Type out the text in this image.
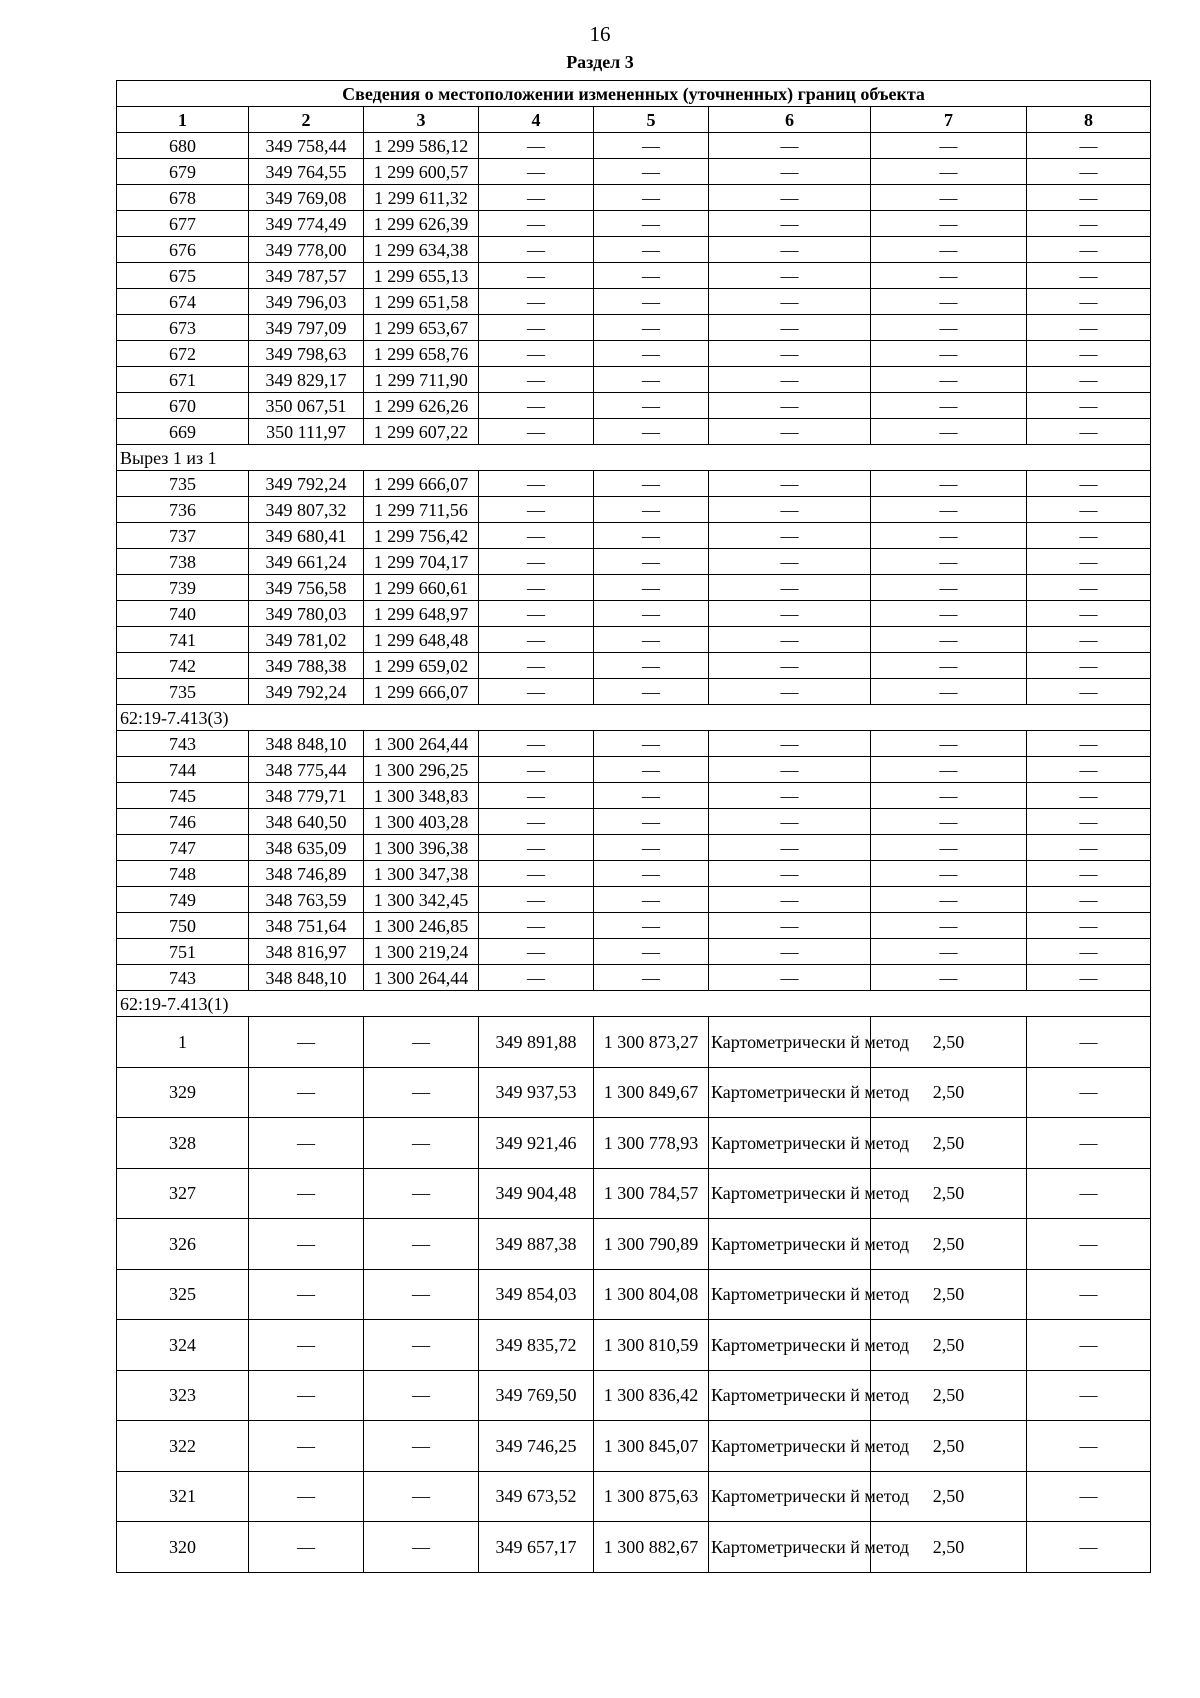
16
Раздел 3
Сведения о местоположении измененных (уточненных) границ объекта							
1	2	3	4	5	6	7	8
680	349 758,44	1 299 586,12	—	—	—	—	—
679	349 764,55	1 299 600,57	—	—	—	—	—
678	349 769,08	1 299 611,32	—	—	—	—	—
677	349 774,49	1 299 626,39	—	—	—	—	—
676	349 778,00	1 299 634,38	—	—	—	—	—
675	349 787,57	1 299 655,13	—	—	—	—	—
674	349 796,03	1 299 651,58	—	—	—	—	—
673	349 797,09	1 299 653,67	—	—	—	—	—
672	349 798,63	1 299 658,76	—	—	—	—	—
671	349 829,17	1 299 711,90	—	—	—	—	—
670	350 067,51	1 299 626,26	—	—	—	—	—
669	350 111,97	1 299 607,22	—	—	—	—	—
Вырез 1 из 1							
735	349 792,24	1 299 666,07	—	—	—	—	—
736	349 807,32	1 299 711,56	—	—	—	—	—
737	349 680,41	1 299 756,42	—	—	—	—	—
738	349 661,24	1 299 704,17	—	—	—	—	—
739	349 756,58	1 299 660,61	—	—	—	—	—
740	349 780,03	1 299 648,97	—	—	—	—	—
741	349 781,02	1 299 648,48	—	—	—	—	—
742	349 788,38	1 299 659,02	—	—	—	—	—
735	349 792,24	1 299 666,07	—	—	—	—	—
62:19-7.413(3)							
743	348 848,10	1 300 264,44	—	—	—	—	—
744	348 775,44	1 300 296,25	—	—	—	—	—
745	348 779,71	1 300 348,83	—	—	—	—	—
746	348 640,50	1 300 403,28	—	—	—	—	—
747	348 635,09	1 300 396,38	—	—	—	—	—
748	348 746,89	1 300 347,38	—	—	—	—	—
749	348 763,59	1 300 342,45	—	—	—	—	—
750	348 751,64	1 300 246,85	—	—	—	—	—
751	348 816,97	1 300 219,24	—	—	—	—	—
743	348 848,10	1 300 264,44	—	—	—	—	—
62:19-7.413(1)							
1	—	—	349 891,88	1 300 873,27	Картометрически й метод	2,50	—
329	—	—	349 937,53	1 300 849,67	Картометрически й метод	2,50	—
328	—	—	349 921,46	1 300 778,93	Картометрически й метод	2,50	—
327	—	—	349 904,48	1 300 784,57	Картометрически й метод	2,50	—
326	—	—	349 887,38	1 300 790,89	Картометрически й метод	2,50	—
325	—	—	349 854,03	1 300 804,08	Картометрически й метод	2,50	—
324	—	—	349 835,72	1 300 810,59	Картометрически й метод	2,50	—
323	—	—	349 769,50	1 300 836,42	Картометрически й метод	2,50	—
322	—	—	349 746,25	1 300 845,07	Картометрически й метод	2,50	—
321	—	—	349 673,52	1 300 875,63	Картометрически й метод	2,50	—
320	—	—	349 657,17	1 300 882,67	Картометрически й метод	2,50	—
